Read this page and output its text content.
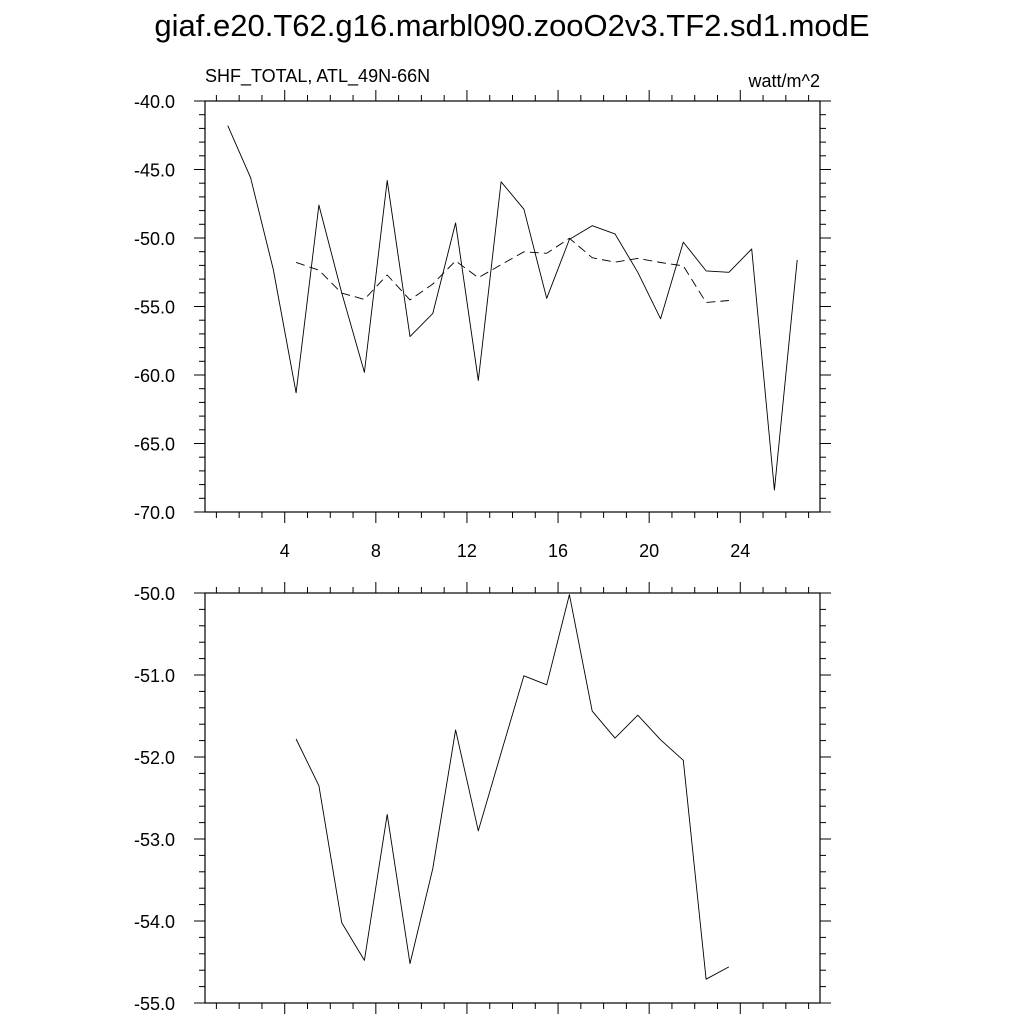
giaf.e20.T62.g16.marbl090.zooO2v3.TF2.sd1.modE
4	8	12	16	20	24
-70.0
-65.0
-60.0
-55.0
-50.0
-45.0
-40.0
SHF_TOTAL, ATL_49N-66N	watt/m^2
-55.0
-54.0
-53.0
-52.0
-51.0
-50.0
